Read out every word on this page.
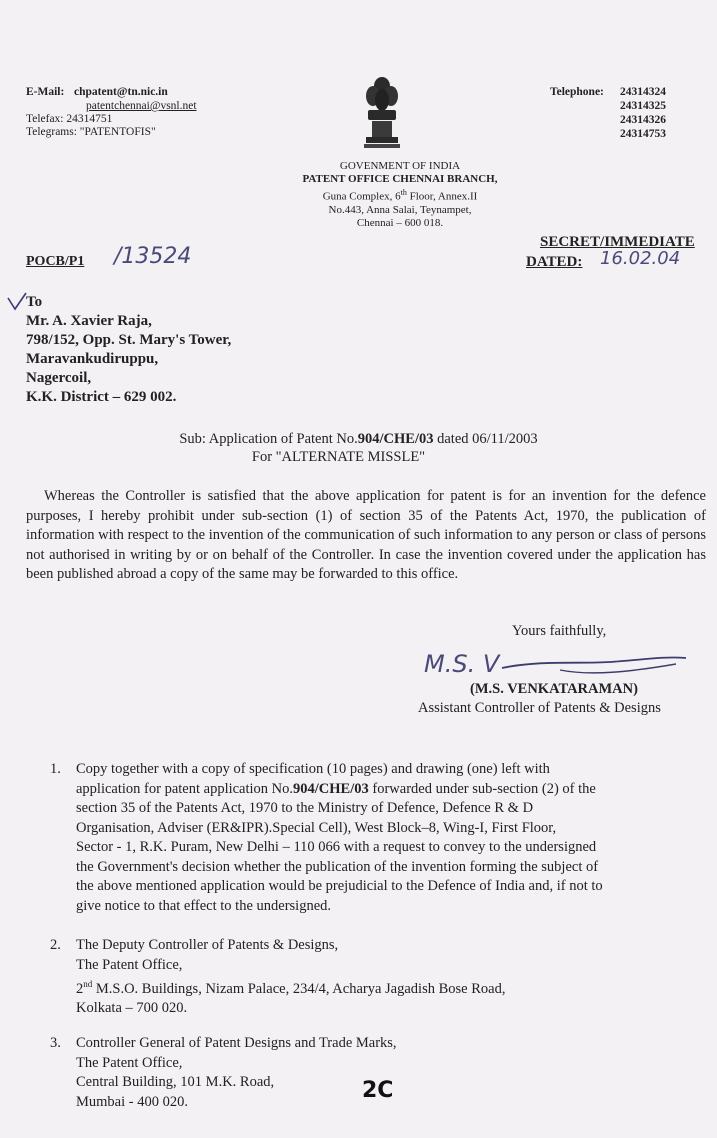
E-Mail: chpatent@tn.nic.in
patentchennai@vsnl.net
Telefax: 24314751
Telegrams: "PATENTOFIS"
Telephone: 24314324
24314325
24314326
24314753
GOVENMENT OF INDIA
PATENT OFFICE CHENNAI BRANCH,
Guna Complex, 6th Floor, Annex.II
No.443, Anna Salai, Teynampet,
Chennai – 600 018.
POCB/P1 /13524
SECRET/IMMEDIATE
DATED: 16.02.04
To
Mr. A. Xavier Raja,
798/152, Opp. St. Mary's Tower,
Maravankudiruppu,
Nagercoil,
K.K. District – 629 002.
Sub: Application of Patent No.904/CHE/03 dated 06/11/2003
For "ALTERNATE MISSLE"
Whereas the Controller is satisfied that the above application for patent is for an invention for the defence purposes, I hereby prohibit under sub-section (1) of section 35 of the Patents Act, 1970, the publication of information with respect to the invention of the communication of such information to any person or class of persons not authorised in writing by or on behalf of the Controller. In case the invention covered under the application has been published abroad a copy of the same may be forwarded to this office.
Yours faithfully,
M.S. V
(M.S. VENKATARAMAN)
Assistant Controller of Patents & Designs
1. Copy together with a copy of specification (10 pages) and drawing (one) left with
application for patent application No.904/CHE/03 forwarded under sub-section (2) of the
section 35 of the Patents Act, 1970 to the Ministry of Defence, Defence R & D
Organisation, Adviser (ER&IPR).Special Cell), West Block–8, Wing-I, First Floor,
Sector - 1, R.K. Puram, New Delhi – 110 066 with a request to convey to the undersigned
the Government's decision whether the publication of the invention forming the subject of
the above mentioned application would be prejudicial to the Defence of India and, if not to
give notice to that effect to the undersigned.
2. The Deputy Controller of Patents & Designs,
The Patent Office,
2nd M.S.O. Buildings, Nizam Palace, 234/4, Acharya Jagadish Bose Road,
Kolkata – 700 020.
3. Controller General of Patent Designs and Trade Marks,
The Patent Office,
Central Building, 101 M.K. Road,
Mumbai - 400 020.	2C
